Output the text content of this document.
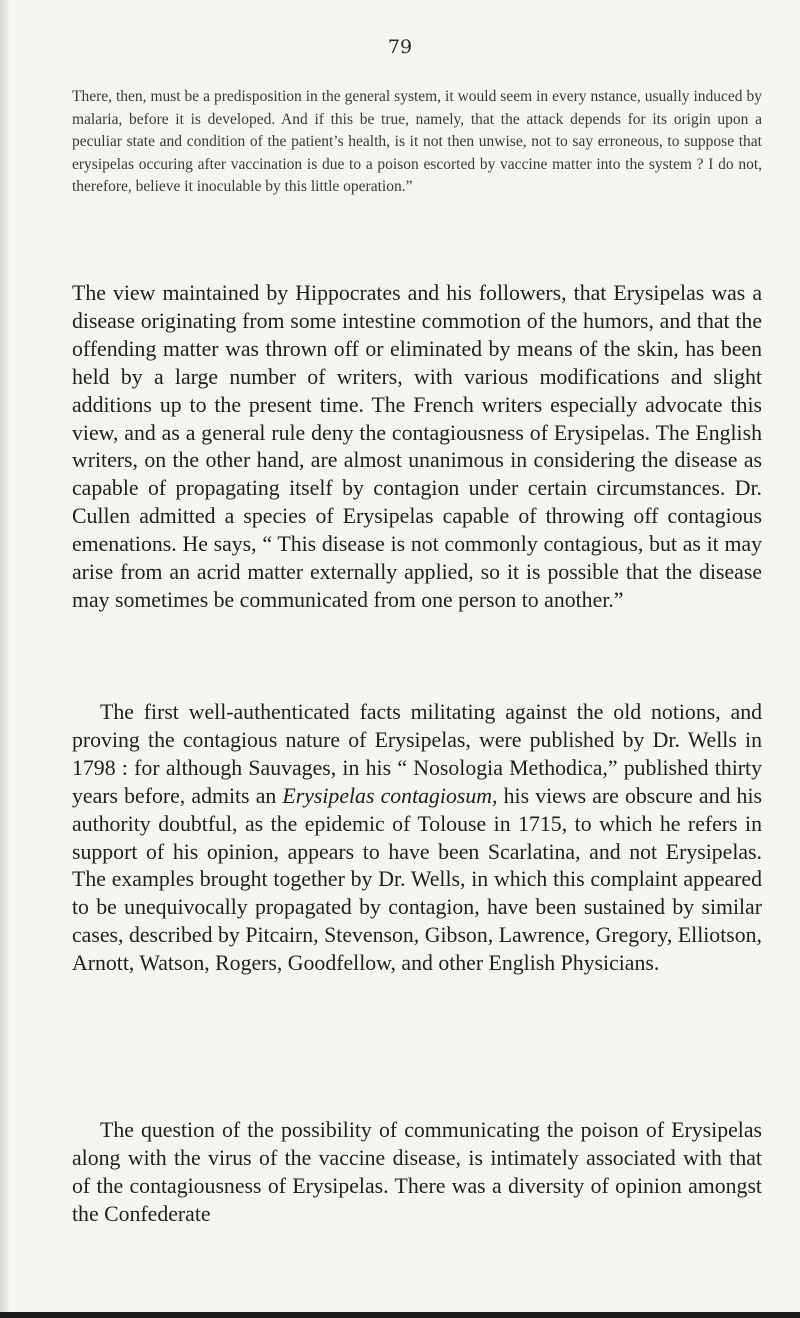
79

There, then, must be a predisposition in the general system, it would seem in every nstance, usually induced by malaria, before it is developed. And if this be true, namely, that the attack depends for its origin upon a peculiar state and condition of the patient’s health, is it not then unwise, not to say erroneous, to suppose that erysipelas occuring after vaccination is due to a poison escorted by vaccine matter into the system ? I do not, therefore, believe it inoculable by this little operation.”

The view maintained by Hippocrates and his followers, that Erysipelas was a disease originating from some intestine commotion of the humors, and that the offending matter was thrown off or eliminated by means of the skin, has been held by a large number of writers, with various modifications and slight additions up to the present time. The French writers especially advocate this view, and as a general rule deny the contagiousness of Erysipelas. The English writers, on the other hand, are almost unanimous in considering the disease as capable of propagating itself by contagion under certain circumstances. Dr. Cullen admitted a species of Erysipelas capable of throwing off contagious emenations. He says, “ This disease is not commonly contagious, but as it may arise from an acrid matter externally applied, so it is possible that the disease may sometimes be communicated from one person to another.”

The first well-authenticated facts militating against the old notions, and proving the contagious nature of Erysipelas, were published by Dr. Wells in 1798 : for although Sauvages, in his “ Nosologia Methodica,” published thirty years before, admits an Erysipelas contagiosum, his views are obscure and his authority doubtful, as the epidemic of Tolouse in 1715, to which he refers in support of his opinion, appears to have been Scarlatina, and not Erysipelas. The examples brought together by Dr. Wells, in which this complaint appeared to be unequivocally propagated by contagion, have been sustained by similar cases, described by Pitcairn, Stevenson, Gibson, Lawrence, Gregory, Elliotson, Arnott, Watson, Rogers, Goodfellow, and other English Physicians.

The question of the possibility of communicating the poison of Erysipelas along with the virus of the vaccine disease, is intimately associated with that of the contagiousness of Erysipelas. There was a diversity of opinion amongst the Confederate
